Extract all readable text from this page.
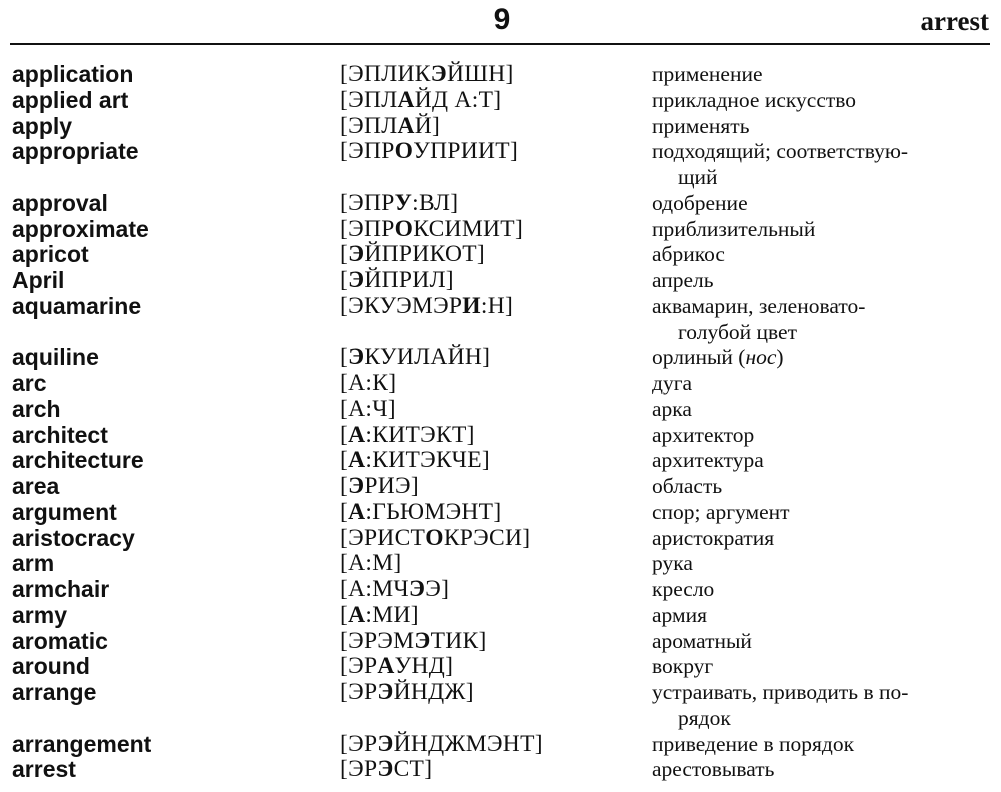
9	arrest
application	[ЭПЛИКЭЙШН]	применение
applied art	[ЭПЛАЙД А:Т]	прикладное искусство
apply	[ЭПЛАЙ]	применять
appropriate	[ЭПРОУПРИИТ]	подходящий; соответствую-
щий
approval	[ЭПРУ:ВЛ]	одобрение
approximate	[ЭПРОКСИМИТ]	приблизительный
apricot	[ЭЙПРИКОТ]	абрикос
April	[ЭЙПРИЛ]	апрель
aquamarine	[ЭКУЭМЭРИ:Н]	аквамарин, зеленовато-
голубой цвет
aquiline	[ЭКУИЛАЙН]	орлиный (нос)
arc	[А:К]	дуга
arch	[А:Ч]	арка
architect	[А:КИТЭКТ]	архитектор
architecture	[А:КИТЭКЧЕ]	архитектура
area	[ЭРИЭ]	область
argument	[А:ГЬЮМЭНТ]	спор; аргумент
aristocracy	[ЭРИСТОКРЭСИ]	аристократия
arm	[А:М]	рука
armchair	[А:МЧЭЭ]	кресло
army	[А:МИ]	армия
aromatic	[ЭРЭМЭТИК]	ароматный
around	[ЭРАУНД]	вокруг
arrange	[ЭРЭЙНДЖ]	устраивать, приводить в по-
рядок
arrangement	[ЭРЭЙНДЖМЭНТ]	приведение в порядок
arrest	[ЭРЭСТ]	арестовывать
